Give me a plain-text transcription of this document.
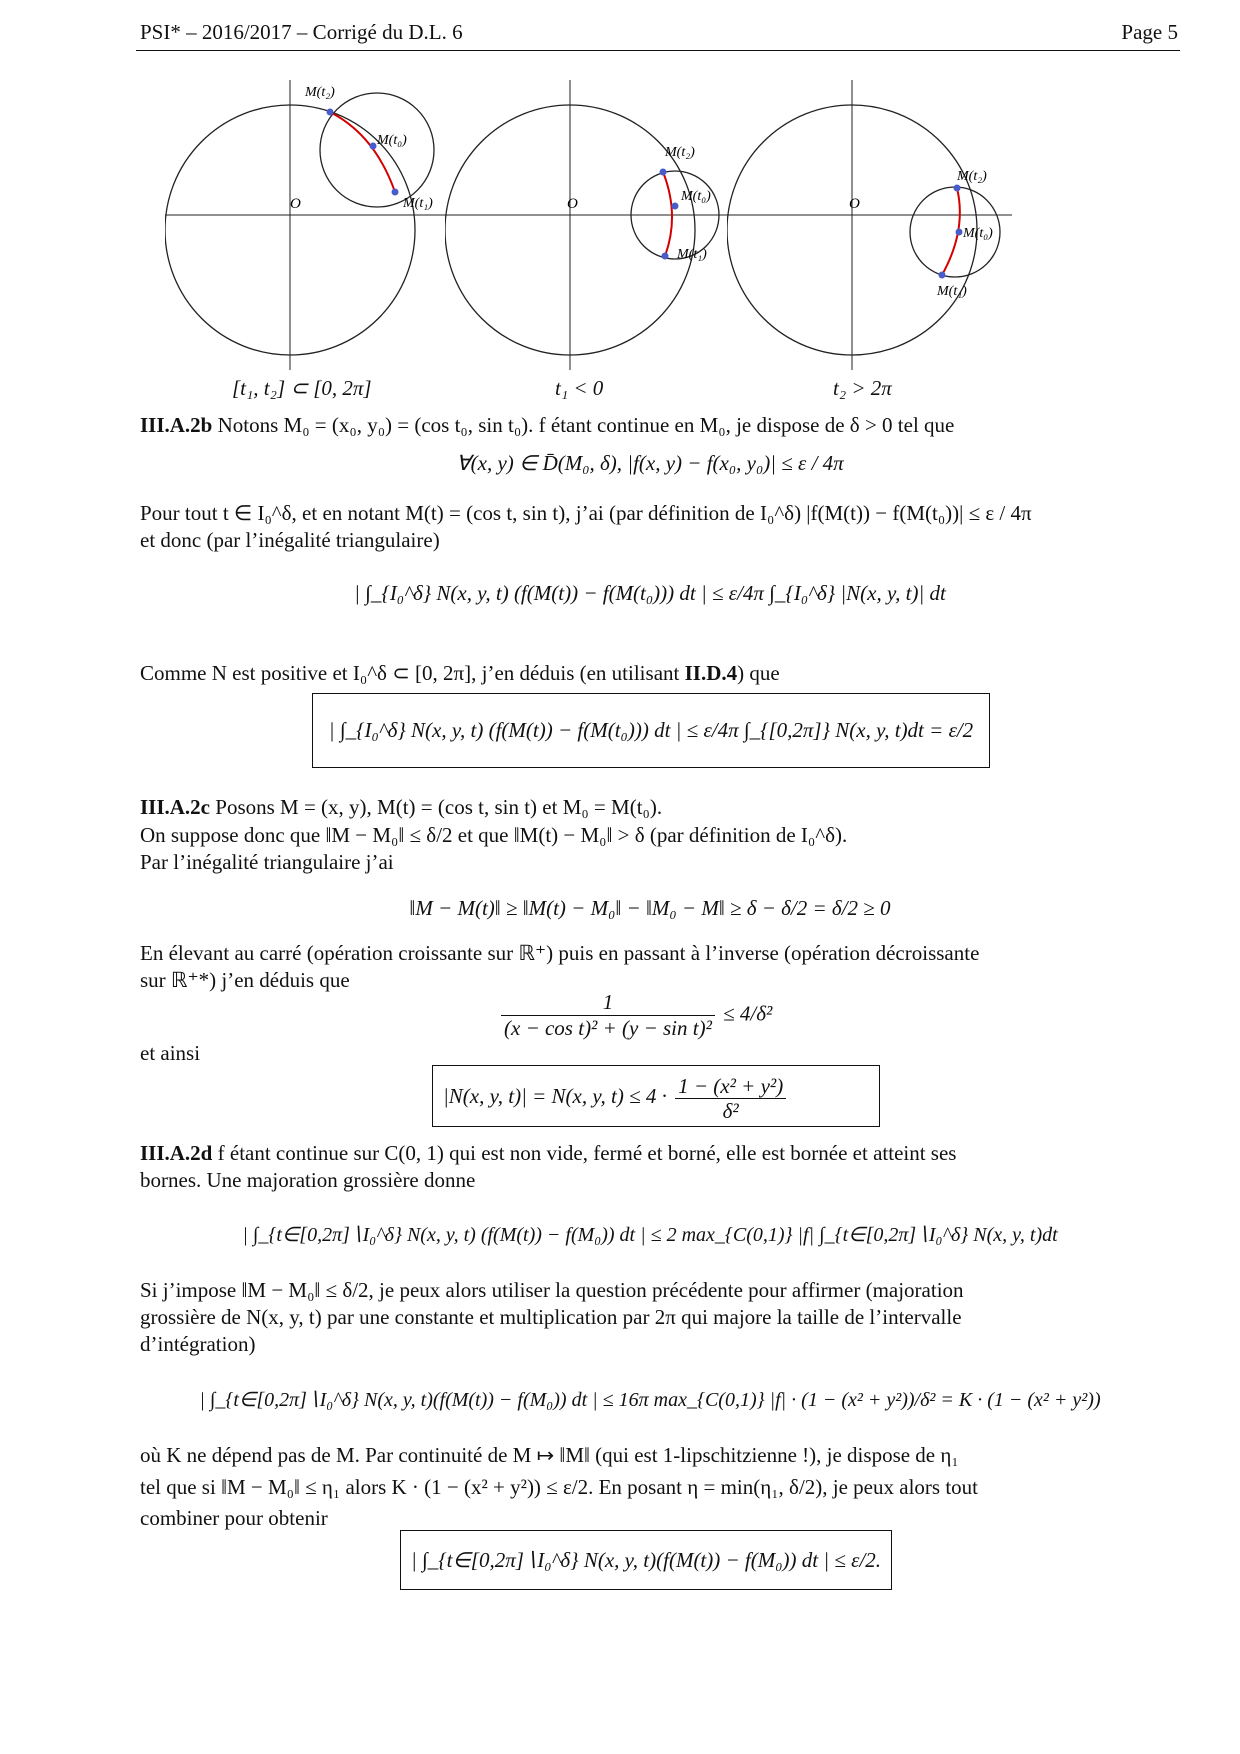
PSI* – 2016/2017 – Corrigé du D.L. 6	Page 5
O
M(t₂)
M(t₀)
M(t₁)	O
M(t₂)
M(t₀)
M(t₁)
O
M(t₂)
M(t₀)
M(t₁)
[t₁, t₂] ⊂ [0, 2π]	t₁ < 0	t₂ > 2π
III.A.2b Notons M₀ = (x₀, y₀) = (cos t₀, sin t₀). f étant continue en M₀, je dispose de δ > 0 tel que
∀(x, y) ∈ D̄(M₀, δ), |f(x, y) − f(x₀, y₀)| ≤ ε / 4π
Pour tout t ∈ I₀^δ, et en notant M(t) = (cos t, sin t), j’ai (par définition de I₀^δ) |f(M(t)) − f(M(t₀))| ≤ ε / 4π
et donc (par l’inégalité triangulaire)
| ∫_{I₀^δ} N(x, y, t) (f(M(t)) − f(M(t₀))) dt | ≤ ε/4π ∫_{I₀^δ} |N(x, y, t)| dt
Comme N est positive et I₀^δ ⊂ [0, 2π], j’en déduis (en utilisant II.D.4) que
| ∫_{I₀^δ} N(x, y, t) (f(M(t)) − f(M(t₀))) dt | ≤ ε/4π ∫_{[0,2π]} N(x, y, t)dt = ε/2
III.A.2c Posons M = (x, y), M(t) = (cos t, sin t) et M₀ = M(t₀).
On suppose donc que ‖M − M₀‖ ≤ δ/2 et que ‖M(t) − M₀‖ > δ (par définition de I₀^δ).
Par l’inégalité triangulaire j’ai
‖M − M(t)‖ ≥ ‖M(t) − M₀‖ − ‖M₀ − M‖ ≥ δ − δ/2 = δ/2 ≥ 0
En élevant au carré (opération croissante sur ℝ⁺) puis en passant à l’inverse (opération décroissante
sur ℝ⁺*) j’en déduis que
$\frac{1}{\text{(x − cos t)² + (y − sin t)²}} \le 4/\delta^2$
et ainsi
|N(x, y, t)| = N(x, y, $t) \le 4 \cdot \frac{\text{1 − (x² + y²)}}{\text{δ²}}$
III.A.2d f étant continue sur C(0, 1) qui est non vide, fermé et borné, elle est bornée et atteint ses
bornes. Une majoration grossière donne
| ∫_{t∈[0,2π]∖I₀^δ} N(x, y, t) (f(M(t)) − f(M₀)) dt | ≤ 2 max_{C(0,1)} |f| ∫_{t∈[0,2π]∖I₀^δ} N(x, y, t)dt
Si j’impose ‖M − M₀‖ ≤ δ/2, je peux alors utiliser la question précédente pour affirmer (majoration
grossière de N(x, y, t) par une constante et multiplication par 2π qui majore la taille de l’intervalle
d’intégration)
| ∫_{t∈[0,2π]∖I₀^δ} N(x, y, t)(f(M(t)) − f(M₀)) dt | ≤ 16π max_{C(0,1)} |f| · (1 − (x² + y²))/δ² = K · (1 − (x² + y²))
où K ne dépend pas de M. Par continuité de M ↦ ‖M‖ (qui est 1-lipschitzienne !), je dispose de η₁
tel que si ‖M − M₀‖ ≤ η₁ alors K · (1 − (x² + y²)) ≤ ε/2. En posant η = min(η₁, δ/2), je peux alors tout
combiner pour obtenir
| ∫_{t∈[0,2π]∖I₀^δ} N(x, y, t)(f(M(t)) − f(M₀)) dt | ≤ ε/2.
